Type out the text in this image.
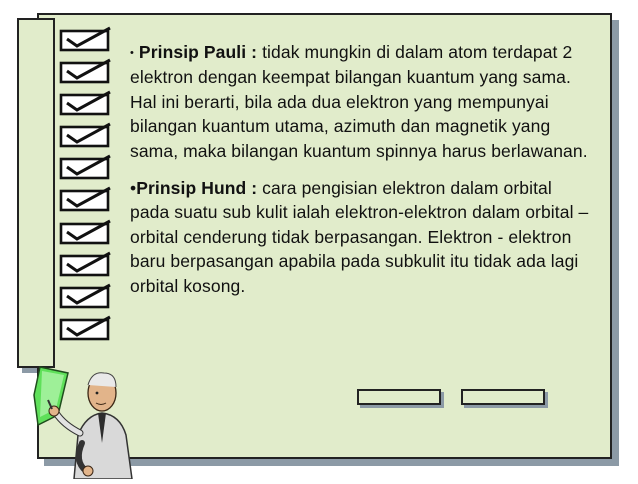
• Prinsip Pauli : tidak mungkin di dalam atom terdapat 2 elektron dengan keempat bilangan kuantum yang sama. Hal ini berarti, bila ada dua elektron yang mempunyai bilangan kuantum utama, azimuth dan magnetik yang sama, maka bilangan kuantum spinnya harus berlawanan.

•Prinsip Hund : cara pengisian elektron dalam orbital pada suatu sub kulit ialah elektron-elektron dalam orbital – orbital cenderung tidak berpasangan. Elektron - elektron baru berpasangan apabila pada subkulit itu tidak ada lagi orbital kosong.
